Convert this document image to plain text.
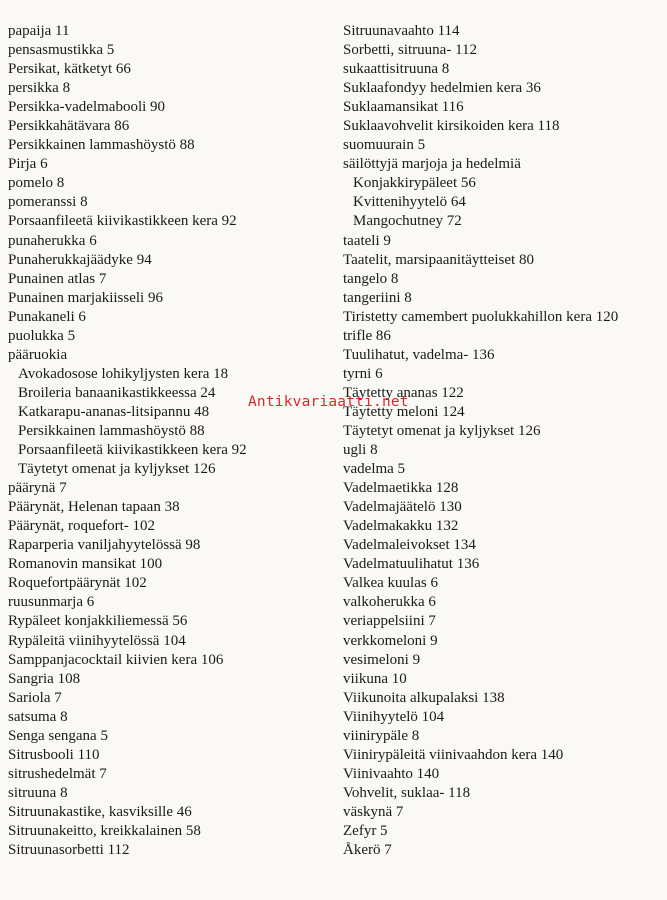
papaija 11
pensasmustikka 5
Persikat, kätketyt 66
persikka 8
Persikka-vadelmabooli 90
Persikkahätävara 86
Persikkainen lammashöystö 88
Pirja 6
pomelo 8
pomeranssi 8
Porsaanfileetä kiivikastikkeen kera 92
punaherukka 6
Punaherukkajäädyke 94
Punainen atlas 7
Punainen marjakiisseli 96
Punakaneli 6
puolukka 5
pääruokia
Avokadosose lohikyljysten kera 18
Broileria banaanikastikkeessa 24
Katkarapu-ananas-litsipannu 48
Persikkainen lammashöystö 88
Porsaanfileetä kiivikastikkeen kera 92
Täytetyt omenat ja kyljykset 126
päärynä 7
Päärynät, Helenan tapaan 38
Päärynät, roquefort- 102
Raparperia vaniljahyytelössä 98
Romanovin mansikat 100
Roquefortpäärynät 102
ruusunmarja 6
Rypäleet konjakkiliemessä 56
Rypäleitä viinihyytelössä 104
Samppanjacocktail kiivien kera 106
Sangria 108
Sariola 7
satsuma 8
Senga sengana 5
Sitrusbooli 110
sitrushedelmät 7
sitruuna 8
Sitruunakastike, kasviksille 46
Sitruunakeitto, kreikkalainen 58
Sitruunasorbetti 112
Sitruunavaahto 114
Sorbetti, sitruuna- 112
sukaattisitruuna 8
Suklaafondyy hedelmien kera 36
Suklaamansikat 116
Suklaavohvelit kirsikoiden kera 118
suomuurain 5
säilöttyjä marjoja ja hedelmiä
Konjakkirypäleet 56
Kvittenihyytelö 64
Mangochutney 72
taateli 9
Taatelit, marsipaanitäytteiset 80
tangelo 8
tangeriini 8
Tiristetty camembert puolukkahillon kera 120
trifle 86
Tuulihatut, vadelma- 136
tyrni 6
Täytetty ananas 122
Täytetty meloni 124
Täytetyt omenat ja kyljykset 126
ugli 8
vadelma 5
Vadelmaetikka 128
Vadelmajäätelö 130
Vadelmakakku 132
Vadelmaleivokset 134
Vadelmatuulihatut 136
Valkea kuulas 6
valkoherukka 6
veriappelsiini 7
verkkomeloni 9
vesimeloni 9
viikuna 10
Viikunoita alkupalaksi 138
Viinihyytelö 104
viinirypäle 8
Viinirypäleitä viinivaahdon kera 140
Viinivaahto 140
Vohvelit, suklaa- 118
väskynä 7
Zefyr 5
Åkerö 7
Antikvariaatti.net
